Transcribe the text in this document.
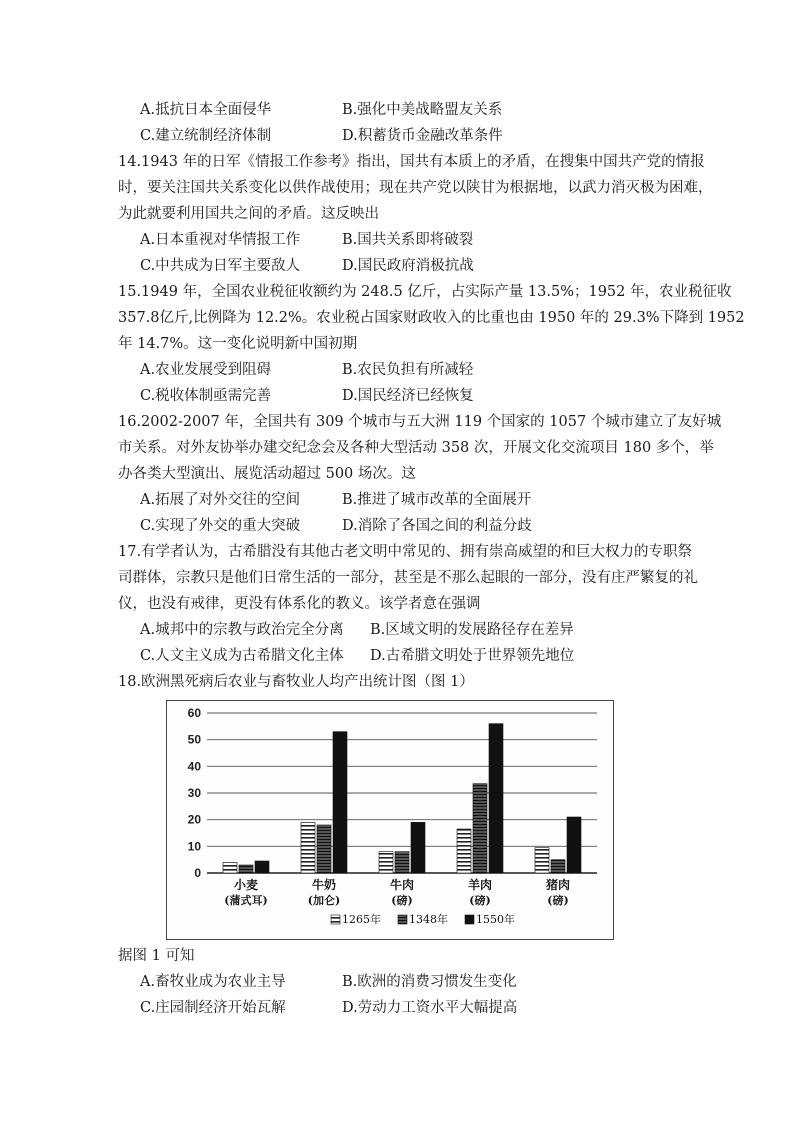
A.抵抗日本全面侵华	B.强化中美战略盟友关系
C.建立统制经济体制	D.积蓄货币金融改革条件
14.1943 年的日军《情报工作参考》指出，国共有本质上的矛盾，在搜集中国共产党的情报
时，要关注国共关系变化以供作战使用；现在共产党以陕甘为根据地，以武力消灭极为困难，
为此就要利用国共之间的矛盾。这反映出
A.日本重视对华情报工作	B.国共关系即将破裂
C.中共成为日军主要敌人	D.国民政府消极抗战
15.1949 年，全国农业税征收额约为 248.5 亿斤，占实际产量 13.5%；1952 年，农业税征收
357.8亿斤,比例降为 12.2%。农业税占国家财政收入的比重也由 1950 年的 29.3%下降到 1952
年 14.7%。这一变化说明新中国初期
A.农业发展受到阻碍	B.农民负担有所减轻
C.税收体制亟需完善	D.国民经济已经恢复
16.2002-2007 年，全国共有 309 个城市与五大洲 119 个国家的 1057 个城市建立了友好城
市关系。对外友协举办建交纪念会及各种大型活动 358 次，开展文化交流项目 180 多个，举
办各类大型演出、展览活动超过 500 场次。这
A.拓展了对外交往的空间	B.推进了城市改革的全面展开
C.实现了外交的重大突破	D.消除了各国之间的利益分歧
17.有学者认为，古希腊没有其他古老文明中常见的、拥有崇高威望的和巨大权力的专职祭
司群体，宗教只是他们日常生活的一部分，甚至是不那么起眼的一部分，没有庄严繁复的礼
仪，也没有戒律，更没有体系化的教义。该学者意在强调
A.城邦中的宗教与政治完全分离 B.区域文明的发展路径存在差异
C.人文主义成为古希腊文化主体 D.古希腊文明处于世界领先地位
18.欧洲黑死病后农业与畜牧业人均产出统计图（图 1）
0
10
20
30
40
50
60
小麦
(蒲式耳)
牛奶
(加仑)
牛肉
(磅)
羊肉
(磅)
猪肉
(磅)
1265年	1348年	1550年
据图 1 可知
A.畜牧业成为农业主导	B.欧洲的消费习惯发生变化
C.庄园制经济开始瓦解	D.劳动力工资水平大幅提高
